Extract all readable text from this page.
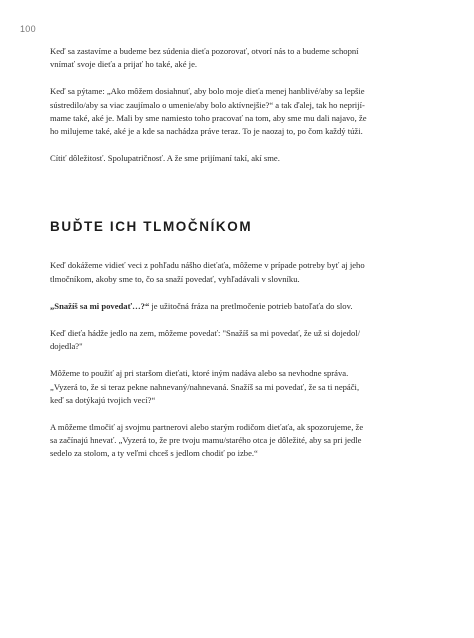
100

Keď sa zastavíme a budeme bez súdenia dieťa pozorovať, otvorí nás to a budeme schopní
vnímať svoje dieťa a prijať ho také, aké je.

Keď sa pýtame: „Ako môžem dosiahnuť, aby bolo moje dieťa menej hanblivé/aby sa lepšie
sústredilo/aby sa viac zaujímalo o umenie/aby bolo aktívnejšie?“ a tak ďalej, tak ho neprijí-
mame také, aké je. Mali by sme namiesto toho pracovať na tom, aby sme mu dali najavo, že
ho milujeme také, aké je a kde sa nachádza práve teraz. To je naozaj to, po čom každý túži.

Cítiť dôležitosť. Spolupatričnosť. A že sme prijímaní takí, akí sme.

BUĎTE ICH TLMOČNÍKOM

Keď dokážeme vidieť veci z pohľadu nášho dieťaťa, môžeme v prípade potreby byť aj jeho
tlmočníkom, akoby sme to, čo sa snaží povedať, vyhľadávali v slovníku.

„Snažíš sa mi povedať…?“ je užitočná fráza na pretlmočenie potrieb batoľaťa do slov.

Keď dieťa hádže jedlo na zem, môžeme povedať: "Snažíš sa mi povedať, že už si dojedol/
dojedla?"

Môžeme to použiť aj pri staršom dieťati, ktoré iným nadáva alebo sa nevhodne správa.
„Vyzerá to, že si teraz pekne nahnevaný/nahnevaná. Snažíš sa mi povedať, že sa ti nepáči,
keď sa dotýkajú tvojich vecí?“

A môžeme tlmočiť aj svojmu partnerovi alebo starým rodičom dieťaťa, ak spozorujeme, že
sa začínajú hnevať. „Vyzerá to, že pre tvoju mamu/starého otca je dôležité, aby sa pri jedle
sedelo za stolom, a ty veľmi chceš s jedlom chodiť po izbe.“
